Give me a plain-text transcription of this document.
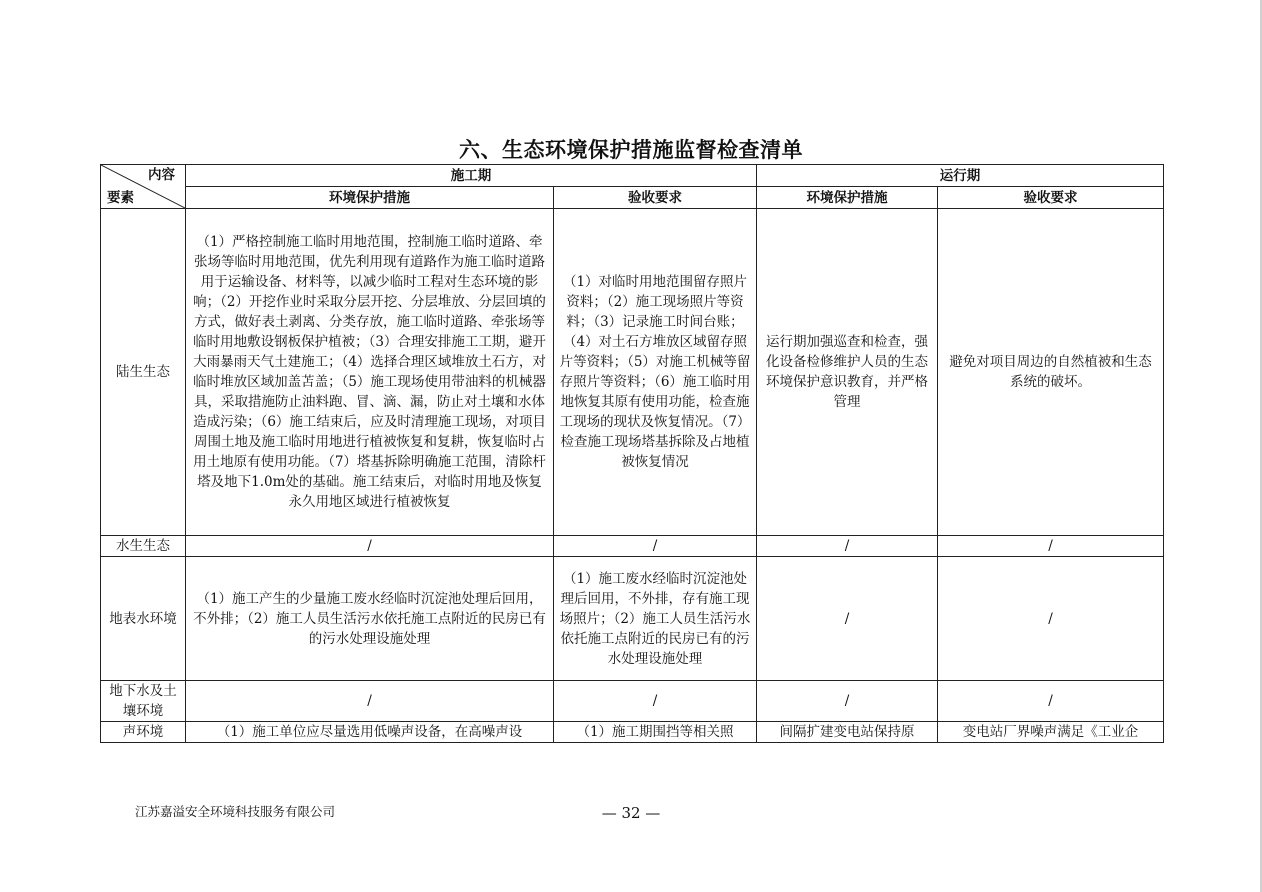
六、生态环境保护措施监督检查清单
内容
要素	施工期		运行期	
	环境保护措施	验收要求	环境保护措施	验收要求
陆生生态	（1）严格控制施工临时用地范围，控制施工临时道路、牵张场等临时用地范围，优先利用现有道路作为施工临时道路用于运输设备、材料等，以减少临时工程对生态环境的影响；（2）开挖作业时采取分层开挖、分层堆放、分层回填的方式，做好表土剥离、分类存放，施工临时道路、牵张场等临时用地敷设钢板保护植被；（3）合理安排施工工期，避开大雨暴雨天气土建施工；（4）选择合理区域堆放土石方，对临时堆放区域加盖苫盖；（5）施工现场使用带油料的机械器具，采取措施防止油料跑、冒、滴、漏，防止对土壤和水体造成污染；（6）施工结束后，应及时清理施工现场，对项目周围土地及施工临时用地进行植被恢复和复耕，恢复临时占用土地原有使用功能。（7）塔基拆除明确施工范围，清除杆塔及地下1.0m处的基础。施工结束后，对临时用地及恢复永久用地区域进行植被恢复	（1）对临时用地范围留存照片资料；（2）施工现场照片等资料；（3）记录施工时间台账；（4）对土石方堆放区域留存照片等资料；（5）对施工机械等留存照片等资料；（6）施工临时用地恢复其原有使用功能，检查施工现场的现状及恢复情况。（7）检查施工现场塔基拆除及占地植被恢复情况	运行期加强巡查和检查，强化设备检修维护人员的生态环境保护意识教育，并严格管理	避免对项目周边的自然植被和生态系统的破坏。
水生生态	/	/	/	/
地表水环境	（1）施工产生的少量施工废水经临时沉淀池处理后回用，不外排；（2）施工人员生活污水依托施工点附近的民房已有的污水处理设施处理	（1）施工废水经临时沉淀池处理后回用，不外排，存有施工现场照片；（2）施工人员生活污水依托施工点附近的民房已有的污水处理设施处理	/	/
地下水及土壤环境	/	/	/	/
声环境	（1）施工单位应尽量选用低噪声设备，在高噪声设	（1）施工期围挡等相关照	间隔扩建变电站保持原	变电站厂界噪声满足《工业企
江苏嘉溢安全环境科技服务有限公司	— 32 —
